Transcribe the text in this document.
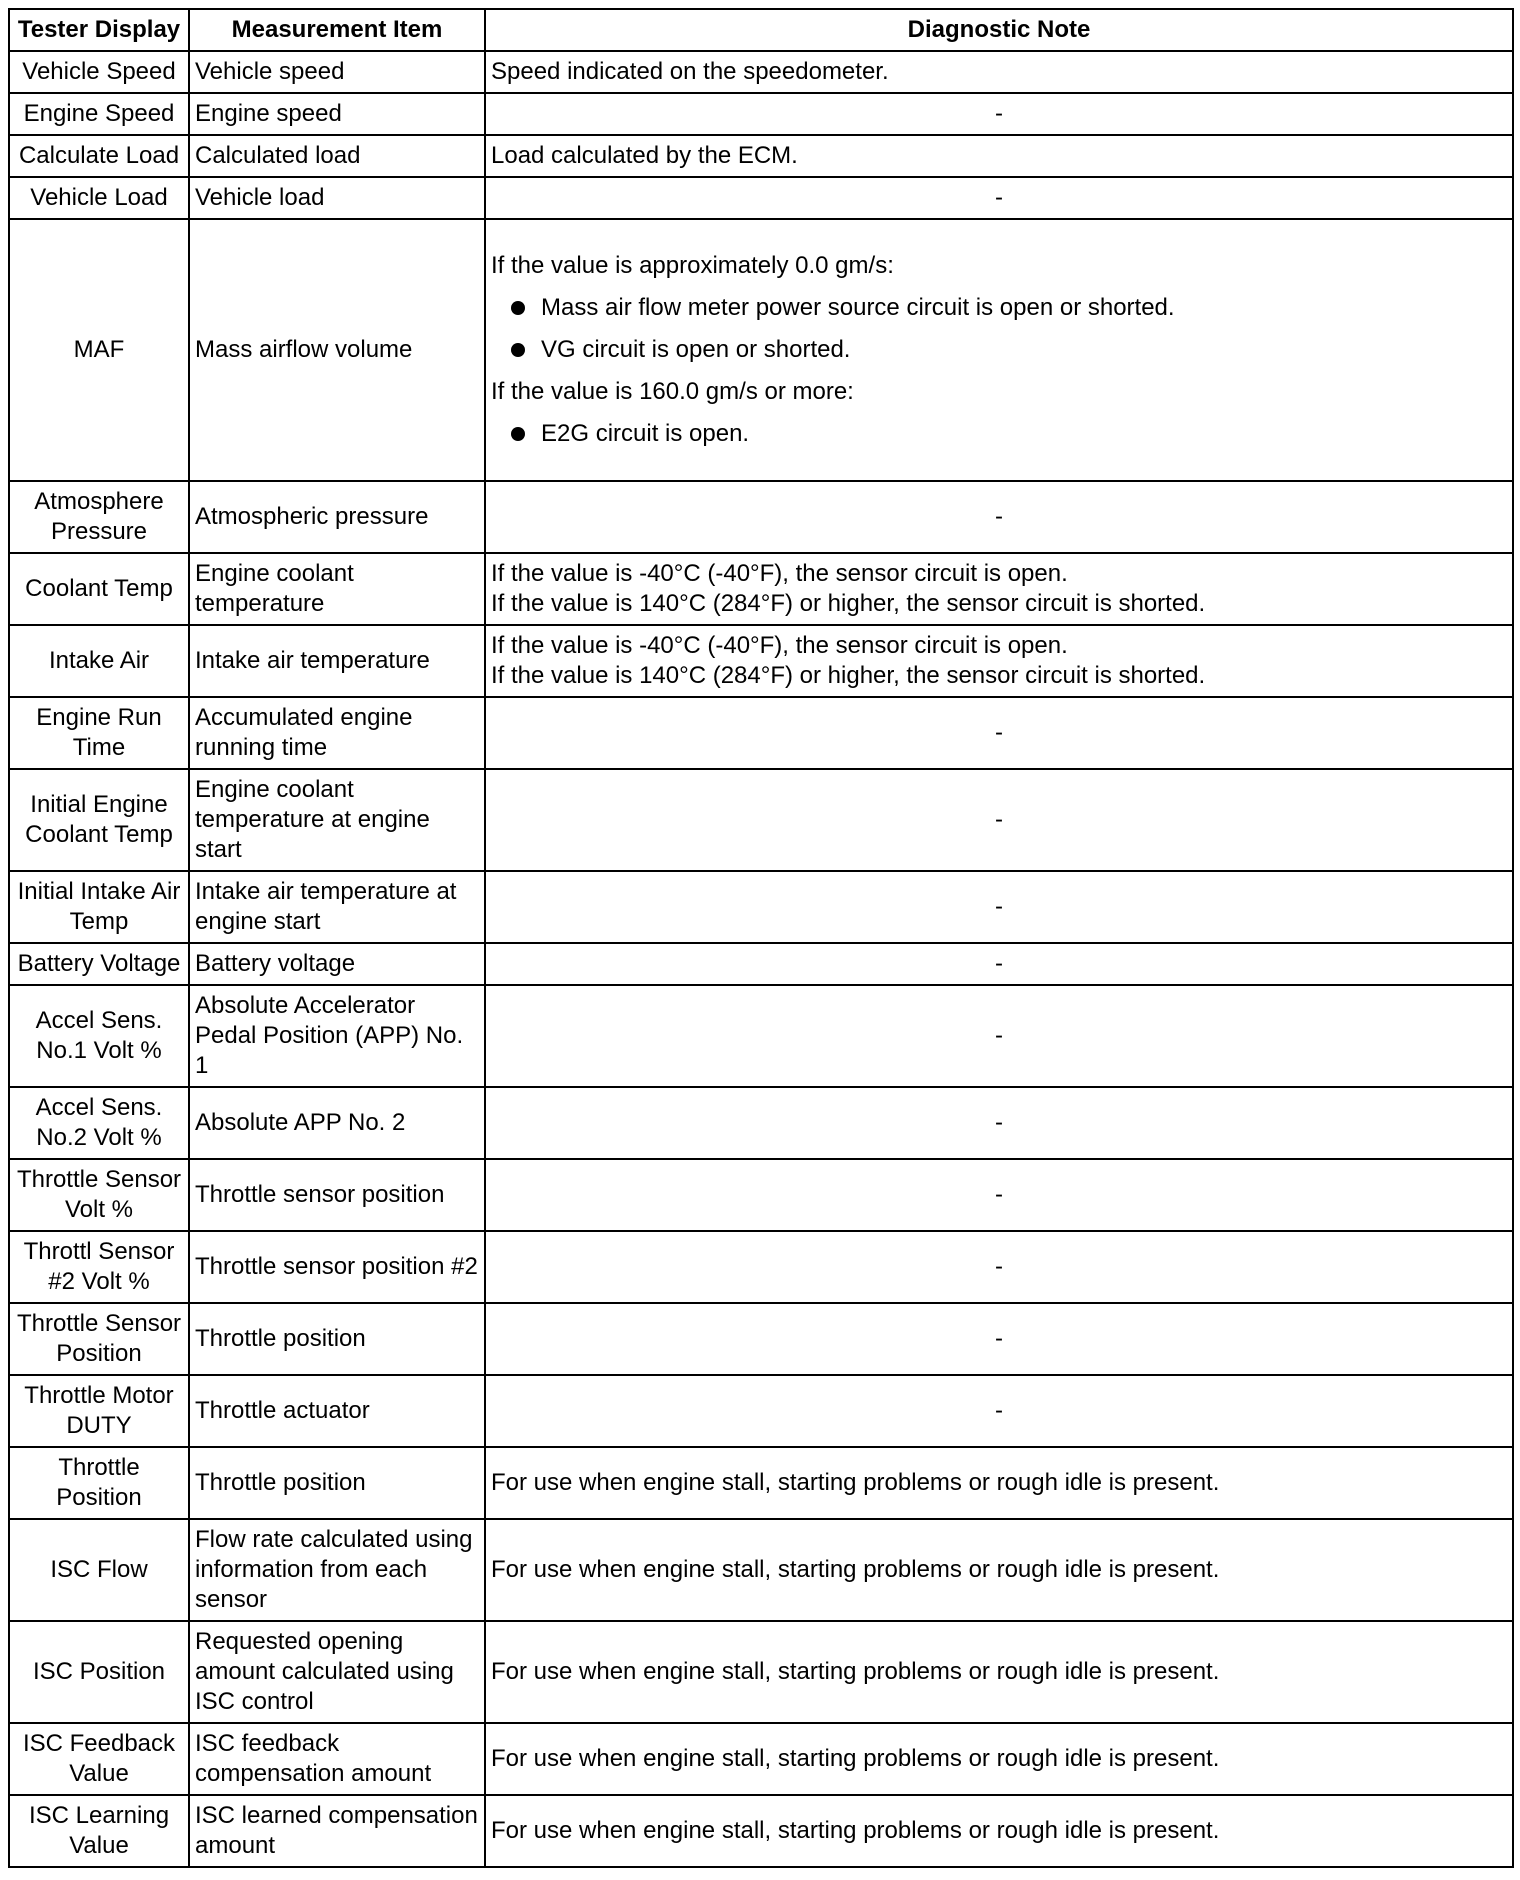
Tester Display	Measurement Item	Diagnostic Note
Vehicle Speed	Vehicle speed	Speed indicated on the speedometer.
Engine Speed	Engine speed	-
Calculate Load	Calculated load	Load calculated by the ECM.
Vehicle Load	Vehicle load	-
MAF	Mass airflow volume	If the value is approximately 0.0 gm/s:
Mass air flow meter power source circuit is open or shorted.
VG circuit is open or shorted.
If the value is 160.0 gm/s or more:
E2G circuit is open.

Atmosphere Pressure	Atmospheric pressure	-
Coolant Temp	Engine coolant temperature	If the value is -40°C (-40°F), the sensor circuit is open.
If the value is 140°C (284°F) or higher, the sensor circuit is shorted.

Intake Air	Intake air temperature	If the value is -40°C (-40°F), the sensor circuit is open.
If the value is 140°C (284°F) or higher, the sensor circuit is shorted.

Engine Run Time	Accumulated engine running time	-
Initial Engine Coolant Temp	Engine coolant temperature at engine start	-
Initial Intake Air Temp	Intake air temperature at engine start	-
Battery Voltage	Battery voltage	-
Accel Sens. No.1 Volt %	Absolute Accelerator Pedal Position (APP) No. 1	-
Accel Sens. No.2 Volt %	Absolute APP No. 2	-
Throttle Sensor Volt %	Throttle sensor position	-
Throttl Sensor #2 Volt %	Throttle sensor position #2	-
Throttle Sensor Position	Throttle position	-
Throttle Motor DUTY	Throttle actuator	-
Throttle Position	Throttle position	For use when engine stall, starting problems or rough idle is present.
ISC Flow	Flow rate calculated using information from each sensor	For use when engine stall, starting problems or rough idle is present.
ISC Position	Requested opening amount calculated using ISC control	For use when engine stall, starting problems or rough idle is present.
ISC Feedback Value	ISC feedback compensation amount	For use when engine stall, starting problems or rough idle is present.
ISC Learning Value	ISC learned compensation amount	For use when engine stall, starting problems or rough idle is present.
